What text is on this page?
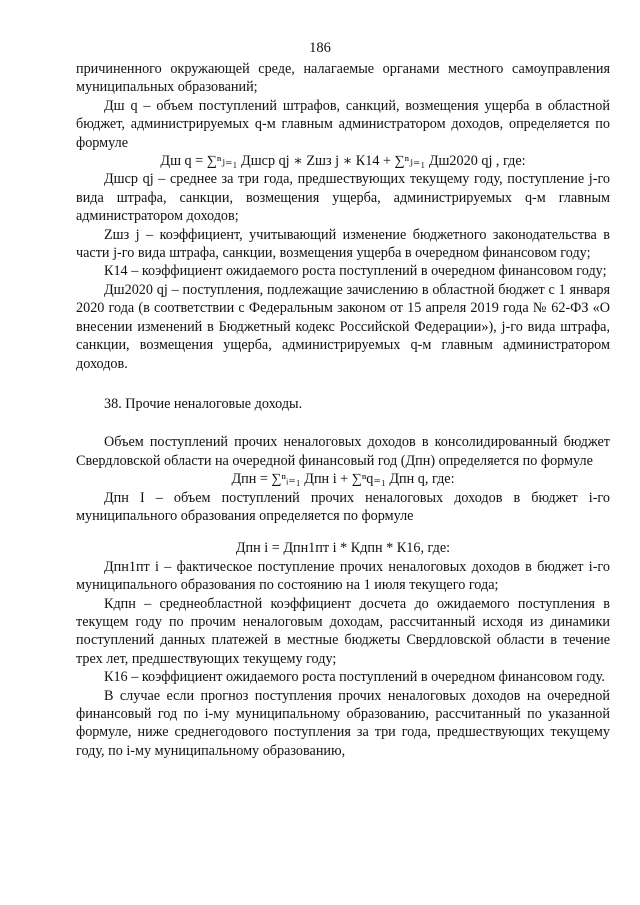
186

причиненного окружающей среде, налагаемые органами местного самоуправления муниципальных образований;

Дш q – объем поступлений штрафов, санкций, возмещения ущерба в областной бюджет, администрируемых q-м главным администратором доходов, определяется по формуле

Дш q = ∑ⁿⱼ₌₁ Дшср qj ∗ Zшз j ∗ К14 + ∑ⁿⱼ₌₁ Дш2020 qj , где:

Дшср qj – среднее за три года, предшествующих текущему году, поступление j-го вида штрафа, санкции, возмещения ущерба, администрируемых q-м главным администратором доходов;

Zшз j – коэффициент, учитывающий изменение бюджетного законодательства в части j-го вида штрафа, санкции, возмещения ущерба в очередном финансовом году;

К14 – коэффициент ожидаемого роста поступлений в очередном финансовом году;

Дш2020 qj – поступления, подлежащие зачислению в областной бюджет с 1 января 2020 года (в соответствии с Федеральным законом от 15 апреля 2019 года № 62-ФЗ «О внесении изменений в Бюджетный кодекс Российской Федерации»), j-го вида штрафа, санкции, возмещения ущерба, администрируемых q-м главным администратором доходов.

38. Прочие неналоговые доходы.

Объем поступлений прочих неналоговых доходов в консолидированный бюджет Свердловской области на очередной финансовый год (Дпн) определяется по формуле

Дпн = ∑ⁿᵢ₌₁ Дпн i + ∑ⁿq₌₁ Дпн q, где:

Дпн I – объем поступлений прочих неналоговых доходов в бюджет i-го муниципального образования определяется по формуле

Дпн i = Дпн1пт i * Кдпн * К16, где:

Дпн1пт i – фактическое поступление прочих неналоговых доходов в бюджет i-го муниципального образования по состоянию на 1 июля текущего года;

Кдпн – среднеобластной коэффициент досчета до ожидаемого поступления в текущем году по прочим неналоговым доходам, рассчитанный исходя из динамики поступлений данных платежей в местные бюджеты Свердловской области в течение трех лет, предшествующих текущему году;

К16 – коэффициент ожидаемого роста поступлений в очередном финансовом году.

В случае если прогноз поступления прочих неналоговых доходов на очередной финансовый год по i-му муниципальному образованию, рассчитанный по указанной формуле, ниже среднегодового поступления за три года, предшествующих текущему году, по i-му муниципальному образованию,
